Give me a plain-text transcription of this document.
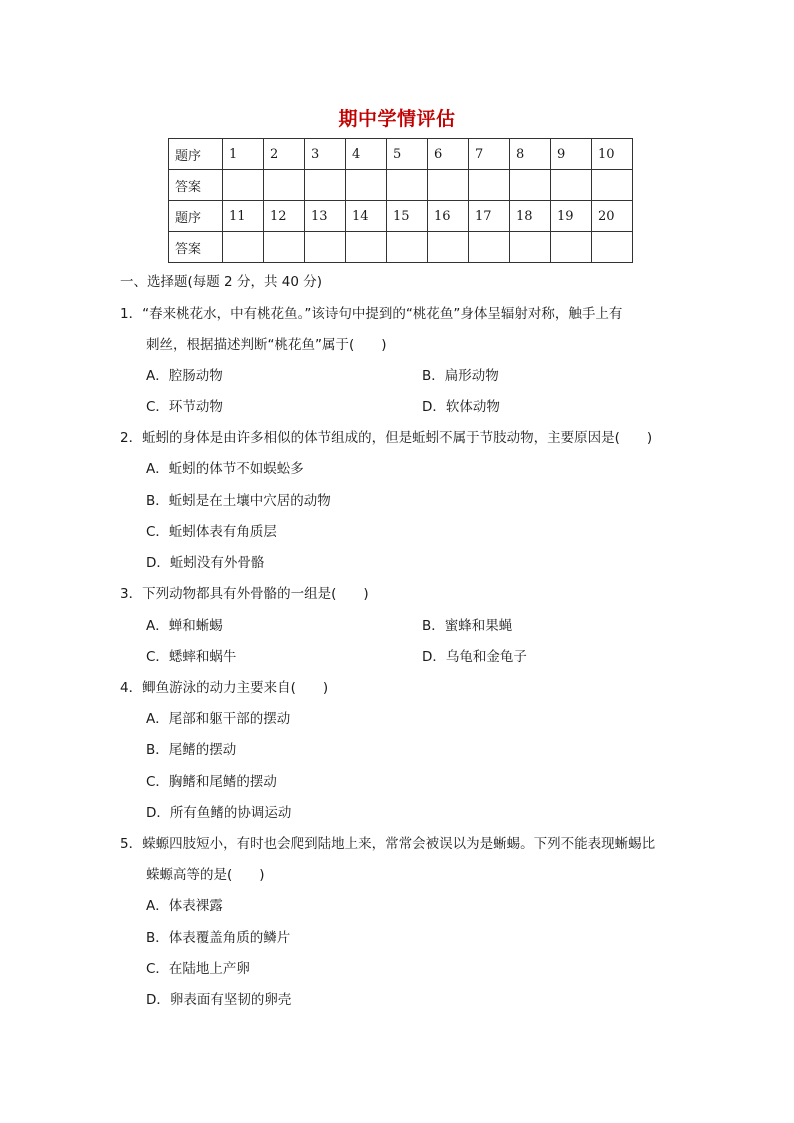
期中学情评估
题序	1	2	3	4	5	6	7	8	9	10
答案										
题序	11	12	13	14	15	16	17	18	19	20
答案										
一、选择题(每题 2 分，共 40 分)
1．“春来桃花水，中有桃花鱼。”该诗句中提到的“桃花鱼”身体呈辐射对称，触手上有
刺丝，根据描述判断“桃花鱼”属于(　　)
A．腔肠动物	B．扁形动物
C．环节动物	D．软体动物
2．蚯蚓的身体是由许多相似的体节组成的，但是蚯蚓不属于节肢动物，主要原因是(　　)
A．蚯蚓的体节不如蜈蚣多
B．蚯蚓是在土壤中穴居的动物
C．蚯蚓体表有角质层
D．蚯蚓没有外骨骼
3．下列动物都具有外骨骼的一组是(　　)
A．蝉和蜥蜴	B．蜜蜂和果蝇
C．蟋蟀和蜗牛	D．乌龟和金龟子
4．鲫鱼游泳的动力主要来自(　　)
A．尾部和躯干部的摆动
B．尾鳍的摆动
C．胸鳍和尾鳍的摆动
D．所有鱼鳍的协调运动
5．蝾螈四肢短小，有时也会爬到陆地上来，常常会被误以为是蜥蜴。下列不能表现蜥蜴比
蝾螈高等的是(　　)
A．体表裸露
B．体表覆盖角质的鳞片
C．在陆地上产卵
D．卵表面有坚韧的卵壳
